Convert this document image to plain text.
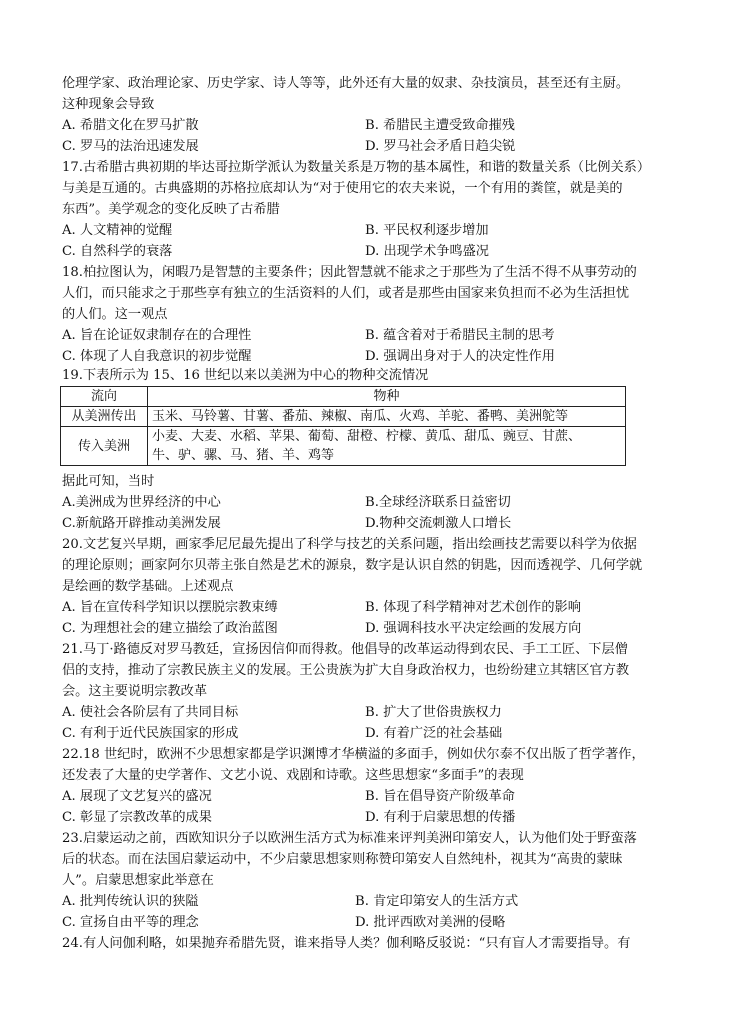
伦理学家、政治理论家、历史学家、诗人等等，此外还有大量的奴隶、杂技演员，甚至还有主厨。
这种现象会导致
A. 希腊文化在罗马扩散	B. 希腊民主遭受致命摧残
C. 罗马的法治迅速发展	D. 罗马社会矛盾日趋尖锐
17.古希腊古典初期的毕达哥拉斯学派认为数量关系是万物的基本属性，和谐的数量关系（比例关系）
与美是互通的。古典盛期的苏格拉底却认为“对于使用它的农夫来说，一个有用的粪筐，就是美的
东西”。美学观念的变化反映了古希腊
A. 人文精神的觉醒	B. 平民权利逐步增加
C. 自然科学的衰落	D. 出现学术争鸣盛况
18.柏拉图认为，闲暇乃是智慧的主要条件；因此智慧就不能求之于那些为了生活不得不从事劳动的
人们，而只能求之于那些享有独立的生活资料的人们，或者是那些由国家来负担而不必为生活担忧
的人们。这一观点
A. 旨在论证奴隶制存在的合理性	B. 蕴含着对于希腊民主制的思考
C. 体现了人自我意识的初步觉醒	D. 强调出身对于人的决定性作用
19.下表所示为 15、16 世纪以来以美洲为中心的物种交流情况
流向	物种
从美洲传出	玉米、马铃薯、甘薯、番茄、辣椒、南瓜、火鸡、羊驼、番鸭、美洲鸵等
传入美洲	小麦、大麦、水稻、苹果、葡萄、甜橙、柠檬、黄瓜、甜瓜、豌豆、甘蔗、
牛、驴、骡、马、猪、羊、鸡等
据此可知，当时
A.美洲成为世界经济的中心	B.全球经济联系日益密切
C.新航路开辟推动美洲发展	D.物种交流刺激人口增长
20.文艺复兴早期，画家季尼尼最先提出了科学与技艺的关系问题，指出绘画技艺需要以科学为依据
的理论原则；画家阿尔贝蒂主张自然是艺术的源泉，数字是认识自然的钥匙，因而透视学、几何学就
是绘画的数学基础。上述观点
A. 旨在宣传科学知识以摆脱宗教束缚	B. 体现了科学精神对艺术创作的影响
C. 为理想社会的建立描绘了政治蓝图	D. 强调科技水平决定绘画的发展方向
21.马丁·路德反对罗马教廷，宣扬因信仰而得救。他倡导的改革运动得到农民、手工工匠、下层僧
侣的支持，推动了宗教民族主义的发展。王公贵族为扩大自身政治权力，也纷纷建立其辖区官方教
会。这主要说明宗教改革
A. 使社会各阶层有了共同目标	B. 扩大了世俗贵族权力
C. 有利于近代民族国家的形成	D. 有着广泛的社会基础
22.18 世纪时，欧洲不少思想家都是学识渊博才华横溢的多面手，例如伏尔泰不仅出版了哲学著作，
还发表了大量的史学著作、文艺小说、戏剧和诗歌。这些思想家“多面手”的表现
A. 展现了文艺复兴的盛况	B. 旨在倡导资产阶级革命
C. 彰显了宗教改革的成果	D. 有利于启蒙思想的传播
23.启蒙运动之前，西欧知识分子以欧洲生活方式为标准来评判美洲印第安人，认为他们处于野蛮落
后的状态。而在法国启蒙运动中，不少启蒙思想家则称赞印第安人自然纯朴，视其为“高贵的蒙昧
人”。启蒙思想家此举意在
A. 批判传统认识的狭隘	B. 肯定印第安人的生活方式
C. 宣扬自由平等的理念	D. 批评西欧对美洲的侵略
24.有人问伽利略，如果抛弃希腊先贤，谁来指导人类？伽利略反驳说：“只有盲人才需要指导。有
